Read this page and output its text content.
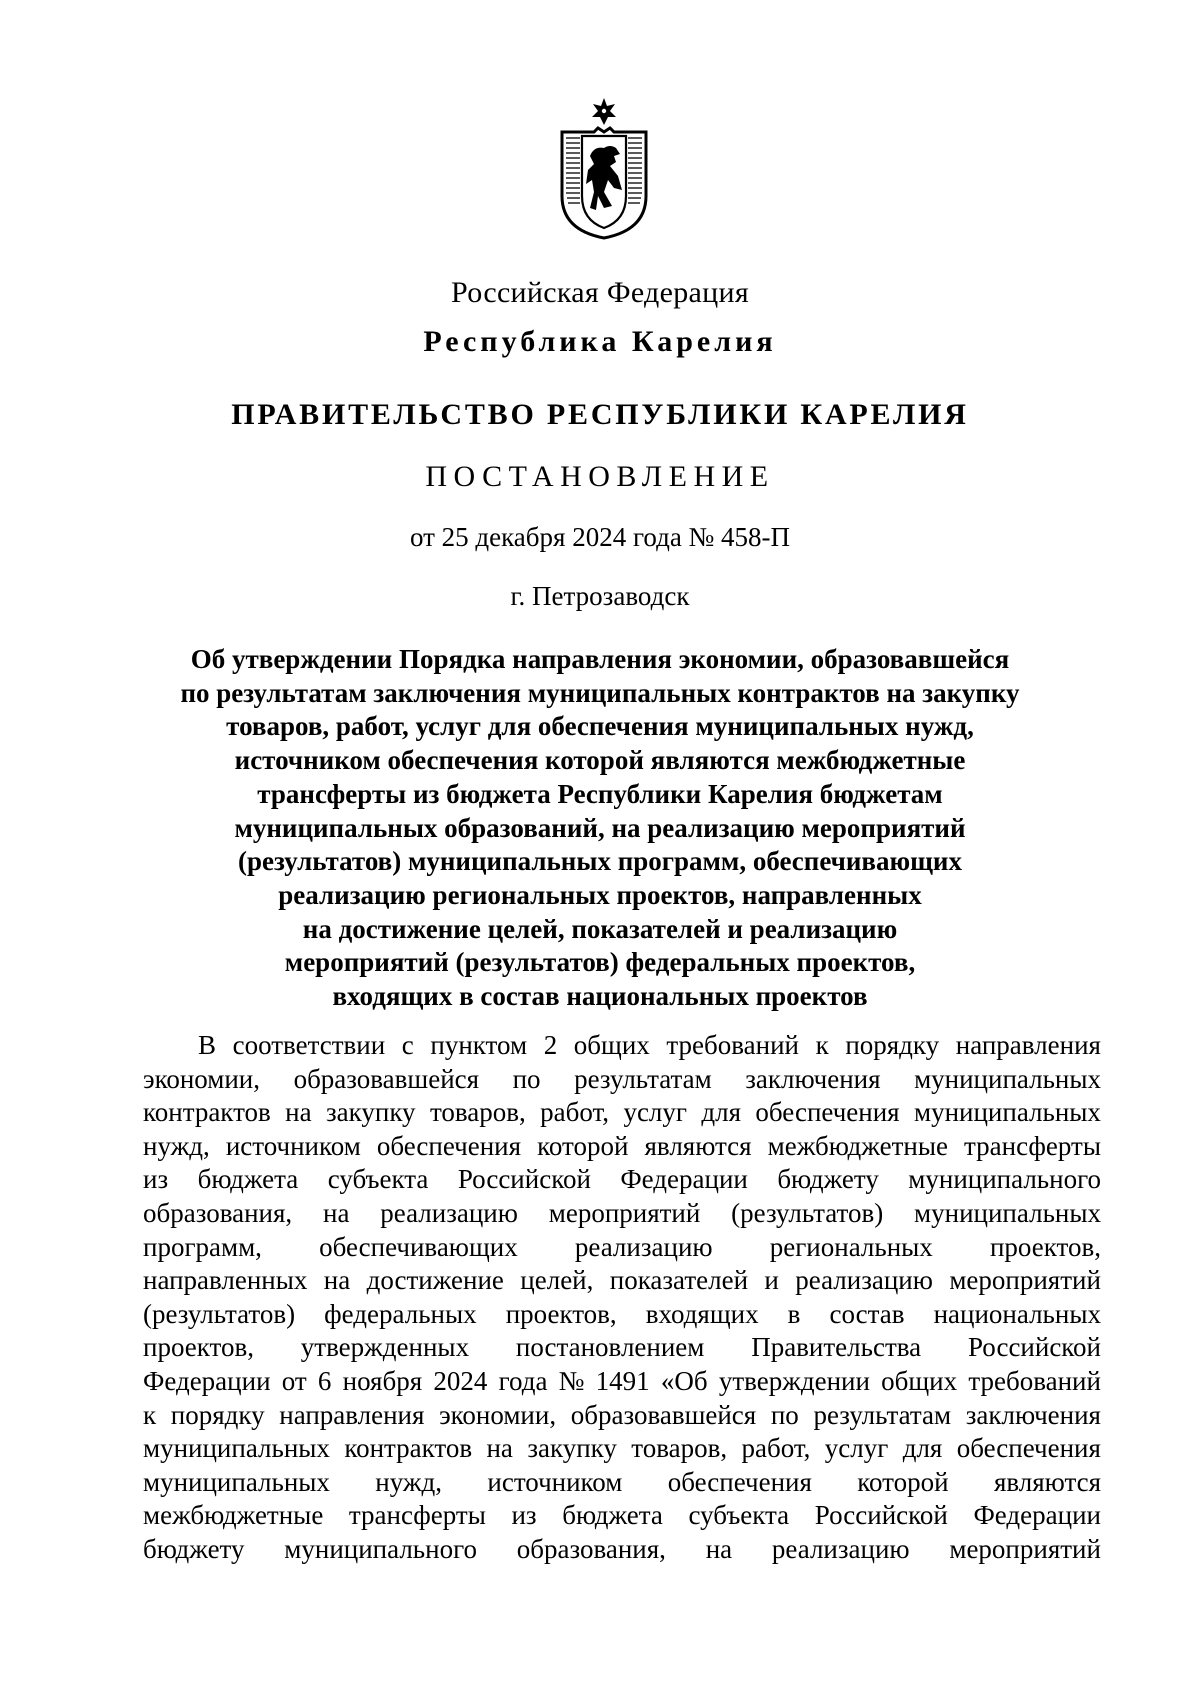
Российская Федерация
Республика Карелия
ПРАВИТЕЛЬСТВО РЕСПУБЛИКИ КАРЕЛИЯ
ПОСТАНОВЛЕНИЕ
от 25 декабря 2024 года № 458-П
г. Петрозаводск
Об утверждении Порядка направления экономии, образовавшейся
по результатам заключения муниципальных контрактов на закупку
товаров, работ, услуг для обеспечения муниципальных нужд,
источником обеспечения которой являются межбюджетные
трансферты из бюджета Республики Карелия бюджетам
муниципальных образований, на реализацию мероприятий
(результатов) муниципальных программ, обеспечивающих
реализацию региональных проектов, направленных
на достижение целей, показателей и реализацию
мероприятий (результатов) федеральных проектов,
входящих в состав национальных проектов
В соответствии с пунктом 2 общих требований к порядку направления
экономии, образовавшейся по результатам заключения муниципальных
контрактов на закупку товаров, работ, услуг для обеспечения муниципальных
нужд, источником обеспечения которой являются межбюджетные трансферты
из бюджета субъекта Российской Федерации бюджету муниципального
образования, на реализацию мероприятий (результатов) муниципальных
программ, обеспечивающих реализацию региональных проектов,
направленных на достижение целей, показателей и реализацию мероприятий
(результатов) федеральных проектов, входящих в состав национальных
проектов, утвержденных постановлением Правительства Российской
Федерации от 6 ноября 2024 года № 1491 «Об утверждении общих требований
к порядку направления экономии, образовавшейся по результатам заключения
муниципальных контрактов на закупку товаров, работ, услуг для обеспечения
муниципальных нужд, источником обеспечения которой являются
межбюджетные трансферты из бюджета субъекта Российской Федерации
бюджету муниципального образования, на реализацию мероприятий
